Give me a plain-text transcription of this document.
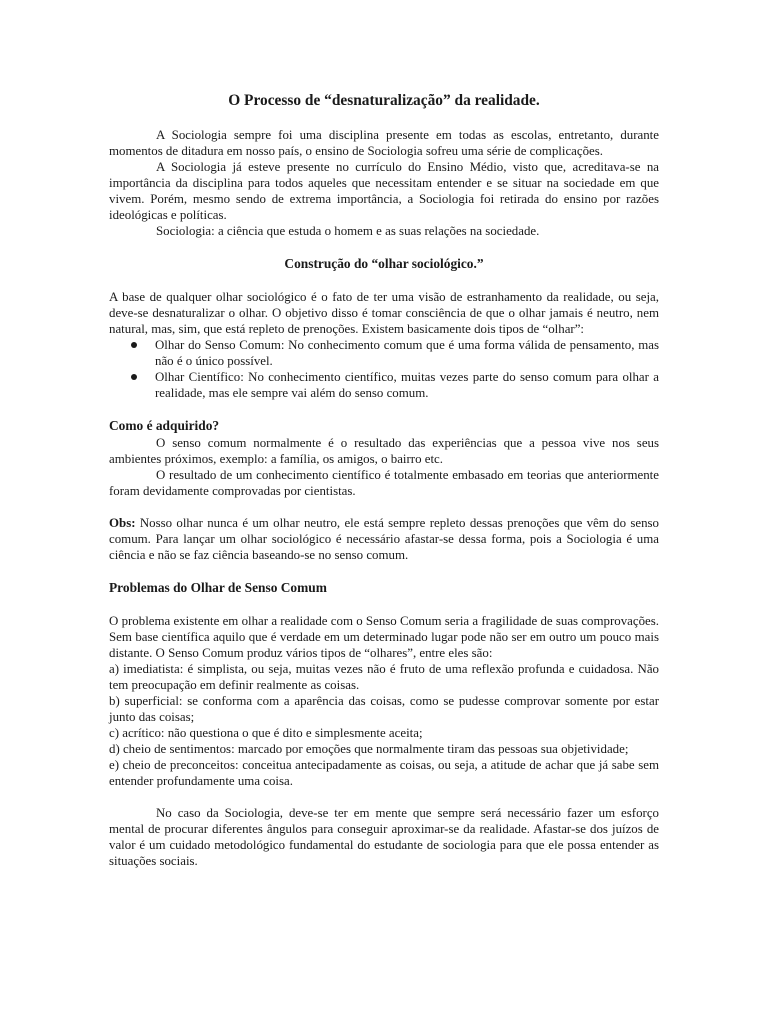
O Processo de “desnaturalização” da realidade.

A Sociologia sempre foi uma disciplina presente em todas as escolas, entretanto, durante momentos de ditadura em nosso país, o ensino de Sociologia sofreu uma série de complicações.

A Sociologia já esteve presente no currículo do Ensino Médio, visto que, acreditava-se na importância da disciplina para todos aqueles que necessitam entender e se situar na sociedade em que vivem. Porém, mesmo sendo de extrema importância, a Sociologia foi retirada do ensino por razões ideológicas e políticas.

Sociologia: a ciência que estuda o homem e as suas relações na sociedade.

Construção do “olhar sociológico.”

A base de qualquer olhar sociológico é o fato de ter uma visão de estranhamento da realidade, ou seja, deve-se desnaturalizar o olhar. O objetivo disso é tomar consciência de que o olhar jamais é neutro, nem natural, mas, sim, que está repleto de prenoções. Existem basicamente dois tipos de “olhar”:

Olhar do Senso Comum: No conhecimento comum que é uma forma válida de pensamento, mas não é o único possível.
Olhar Científico: No conhecimento científico, muitas vezes parte do senso comum para olhar a realidade, mas ele sempre vai além do senso comum.
Como é adquirido?

O senso comum normalmente é o resultado das experiências que a pessoa vive nos seus ambientes próximos, exemplo: a família, os amigos, o bairro etc.

O resultado de um conhecimento científico é totalmente embasado em teorias que anteriormente foram devidamente comprovadas por cientistas.

Obs: Nosso olhar nunca é um olhar neutro, ele está sempre repleto dessas prenoções que vêm do senso comum. Para lançar um olhar sociológico é necessário afastar-se dessa forma, pois a Sociologia é uma ciência e não se faz ciência baseando-se no senso comum.

Problemas do Olhar de Senso Comum

O problema existente em olhar a realidade com o Senso Comum seria a fragilidade de suas comprovações. Sem base científica aquilo que é verdade em um determinado lugar pode não ser em outro um pouco mais distante. O Senso Comum produz vários tipos de “olhares”, entre eles são:

a) imediatista: é simplista, ou seja, muitas vezes não é fruto de uma reflexão profunda e cuidadosa. Não tem preocupação em definir realmente as coisas.

b) superficial: se conforma com a aparência das coisas, como se pudesse comprovar somente por estar junto das coisas;

c) acrítico: não questiona o que é dito e simplesmente aceita;

d) cheio de sentimentos: marcado por emoções que normalmente tiram das pessoas sua objetividade;

e) cheio de preconceitos: conceitua antecipadamente as coisas, ou seja, a atitude de achar que já sabe sem entender profundamente uma coisa.

No caso da Sociologia, deve-se ter em mente que sempre será necessário fazer um esforço mental de procurar diferentes ângulos para conseguir aproximar-se da realidade. Afastar-se dos juízos de valor é um cuidado metodológico fundamental do estudante de sociologia para que ele possa entender as situações sociais.
